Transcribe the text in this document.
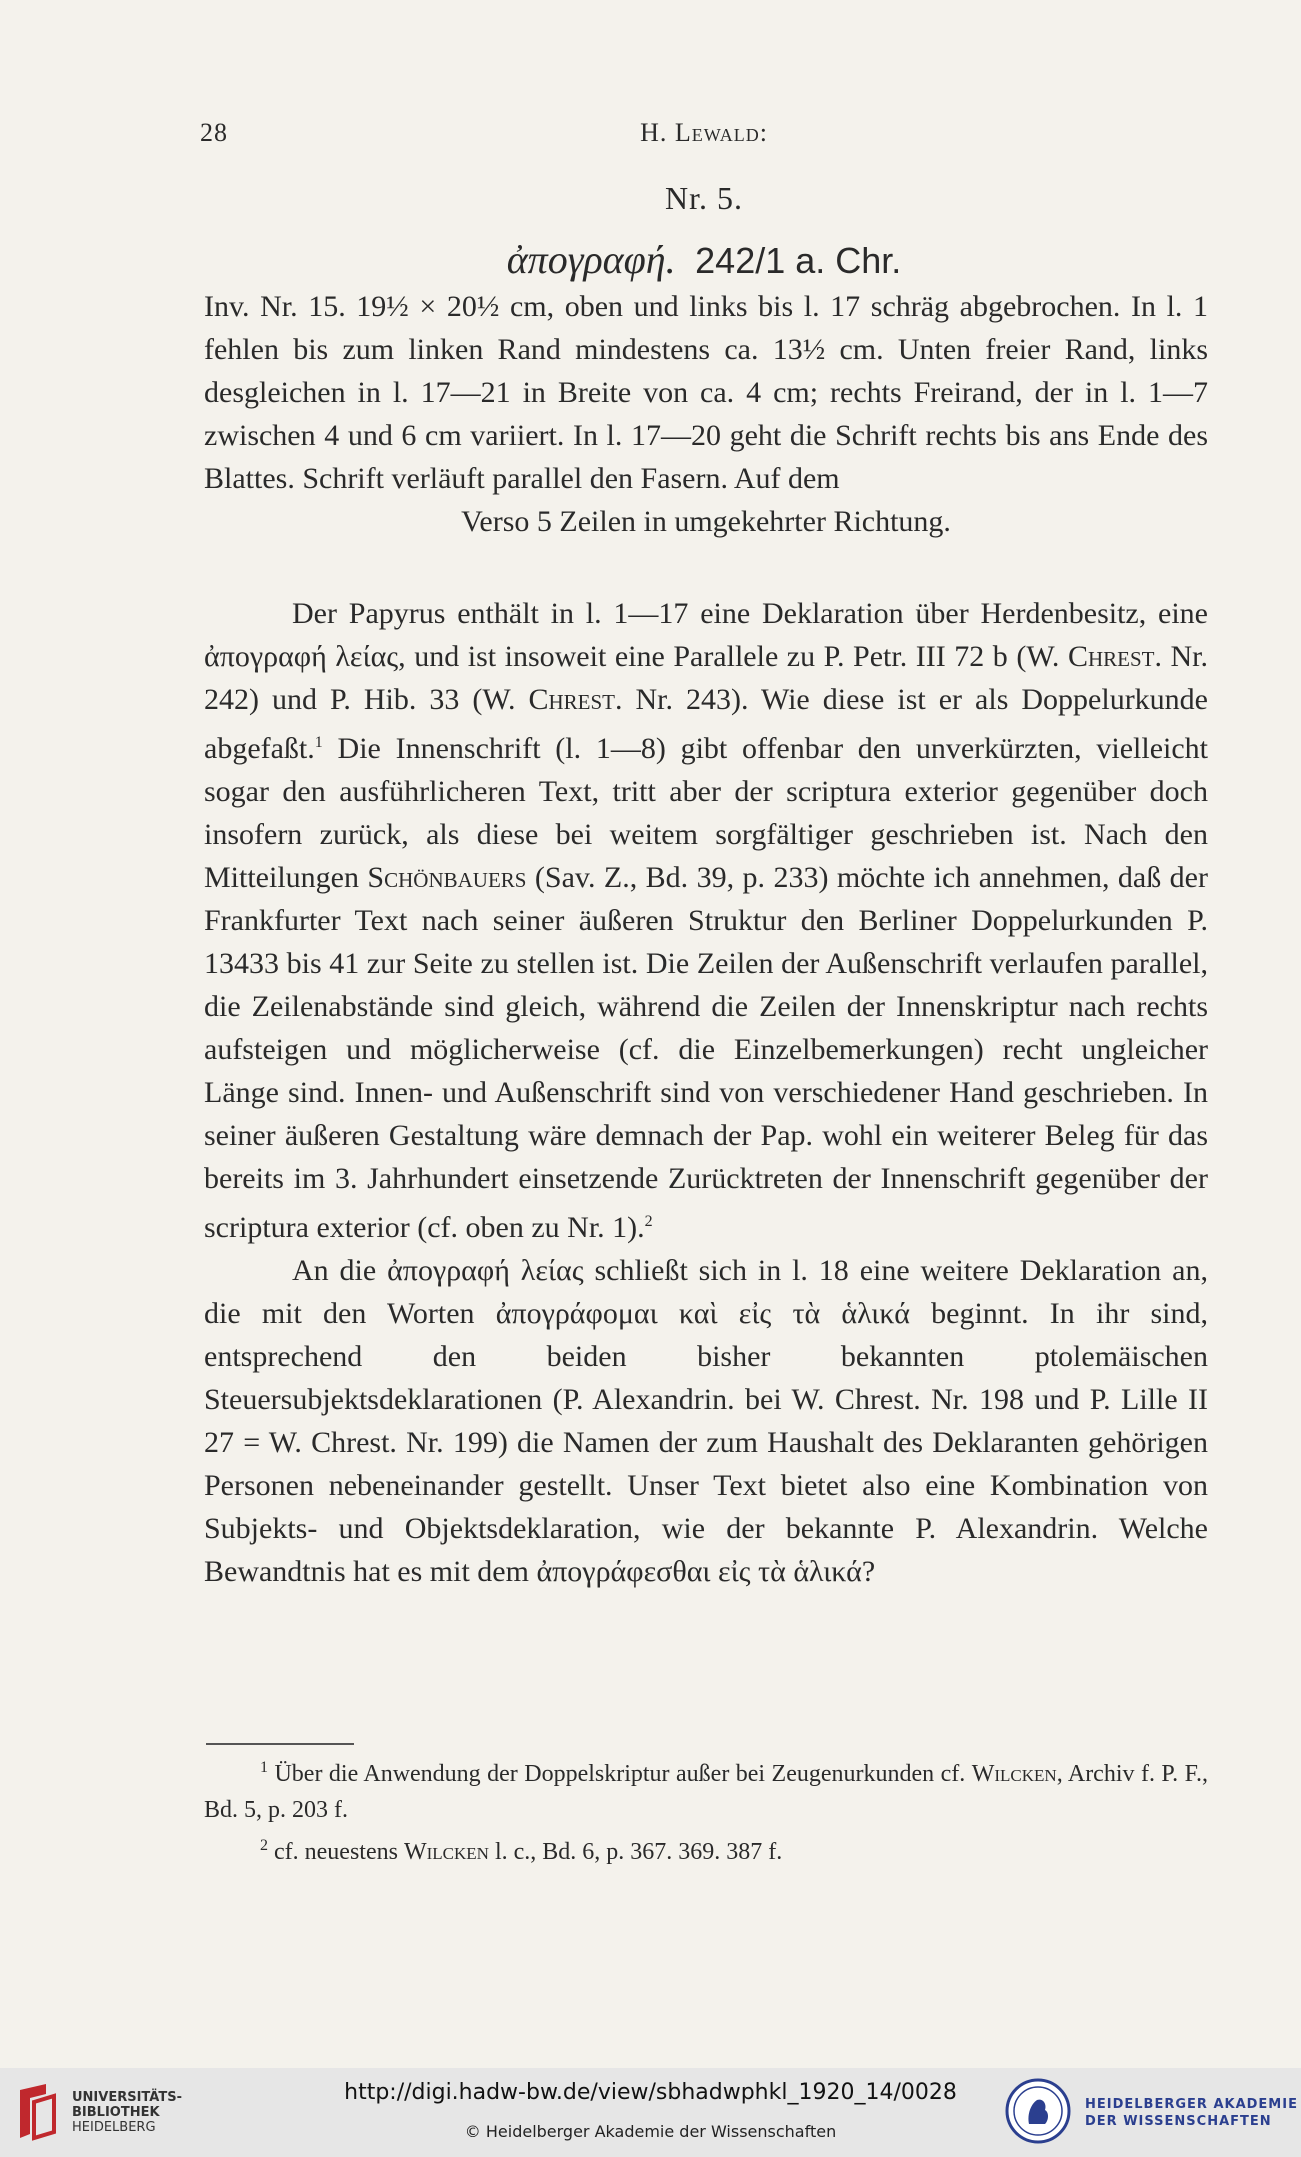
28	H. Lewald:
Nr. 5.
ἀπογραφή. 242/1 a. Chr.

Inv. Nr. 15. 19½ × 20½ cm, oben und links bis l. 17 schräg abgebrochen. In l. 1 fehlen bis zum linken Rand mindestens ca. 13½ cm. Unten freier Rand, links desgleichen in l. 17—21 in Breite von ca. 4 cm; rechts Freirand, der in l. 1—7 zwischen 4 und 6 cm variiert. In l. 17—20 geht die Schrift rechts bis ans Ende des Blattes. Schrift verläuft parallel den Fasern. Auf dem

Verso 5 Zeilen in umgekehrter Richtung.

Der Papyrus enthält in l. 1—17 eine Deklaration über Herdenbesitz, eine ἀπογραφή λείας, und ist insoweit eine Parallele zu P. Petr. III 72 b (W. Chrest. Nr. 242) und P. Hib. 33 (W. Chrest. Nr. 243). Wie diese ist er als Doppelurkunde abgefaßt.$^1$ Die Innenschrift (l. 1—8) gibt offenbar den unverkürzten, vielleicht sogar den ausführlicheren Text, tritt aber der scriptura exterior gegenüber doch insofern zurück, als diese bei weitem sorgfältiger geschrieben ist. Nach den Mitteilungen Schönbauers (Sav. Z., Bd. 39, p. 233) möchte ich annehmen, daß der Frankfurter Text nach seiner äußeren Struktur den Berliner Doppelurkunden P. 13433 bis 41 zur Seite zu stellen ist. Die Zeilen der Außenschrift verlaufen parallel, die Zeilenabstände sind gleich, während die Zeilen der Innenskriptur nach rechts aufsteigen und möglicherweise (cf. die Einzelbemerkungen) recht ungleicher Länge sind. Innen- und Außenschrift sind von verschiedener Hand geschrieben. In seiner äußeren Gestaltung wäre demnach der Pap. wohl ein weiterer Beleg für das bereits im 3. Jahrhundert einsetzende Zurücktreten der Innenschrift gegenüber der scriptura exterior (cf. oben zu Nr. 1).$^2$

An die ἀπογραφή λείας schließt sich in l. 18 eine weitere Deklaration an, die mit den Worten ἀπογράφομαι καὶ εἰς τὰ ἁλικά beginnt. In ihr sind, entsprechend den beiden bisher bekannten ptolemäischen Steuersubjektsdeklarationen (P. Alexandrin. bei W. Chrest. Nr. 198 und P. Lille II 27 = W. Chrest. Nr. 199) die Namen der zum Haushalt des Deklaranten gehörigen Personen nebeneinander gestellt. Unser Text bietet also eine Kombination von Subjekts- und Objektsdeklaration, wie der bekannte P. Alexandrin. Welche Bewandtnis hat es mit dem ἀπογράφεσθαι εἰς τὰ ἁλικά?

$^1$ Über die Anwendung der Doppelskriptur außer bei Zeugenurkunden cf. Wilcken, Archiv f. P. F., Bd. 5, p. 203 f.

$^2$ cf. neuestens Wilcken l. c., Bd. 6, p. 367. 369. 387 f.

UNIVERSITÄTS-
BIBLIOTHEK
HEIDELBERG
http://digi.hadw-bw.de/view/sbhadwphkl_1920_14/0028
© Heidelberger Akademie der Wissenschaften
HEIDELBERGER AKADEMIE
DER WISSENSCHAFTEN
